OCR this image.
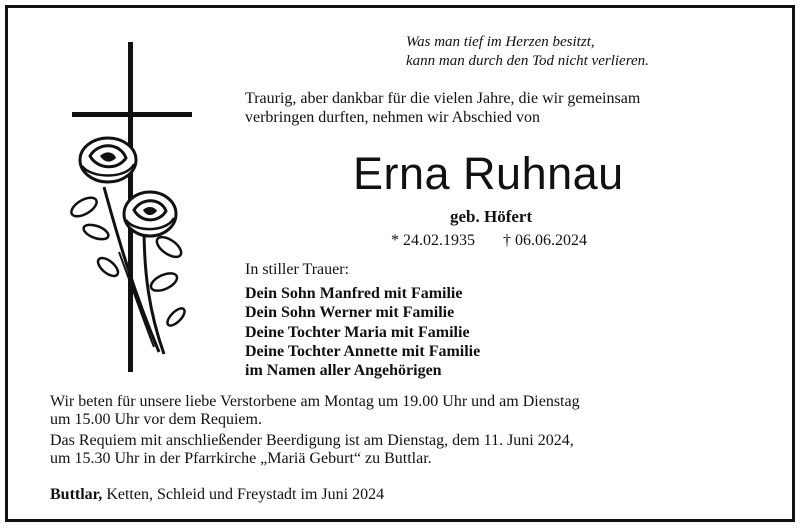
Was man tief im Herzen besitzt,
kann man durch den Tod nicht verlieren.
Traurig, aber dankbar für die vielen Jahre, die wir gemeinsam
verbringen durften, nehmen wir Abschied von
Erna Ruhnau
geb. Höfert
* 24.02.1935 † 06.06.2024
In stiller Trauer:
Dein Sohn Manfred mit Familie
Dein Sohn Werner mit Familie
Deine Tochter Maria mit Familie
Deine Tochter Annette mit Familie
im Namen aller Angehörigen

Wir beten für unsere liebe Verstorbene am Montag um 19.00 Uhr und am Dienstag
um 15.00 Uhr vor dem Requiem.

Das Requiem mit anschließender Beerdigung ist am Dienstag, dem 11. Juni 2024,
um 15.30 Uhr in der Pfarrkirche „Mariä Geburt“ zu Buttlar.

Buttlar, Ketten, Schleid und Freystadt im Juni 2024
